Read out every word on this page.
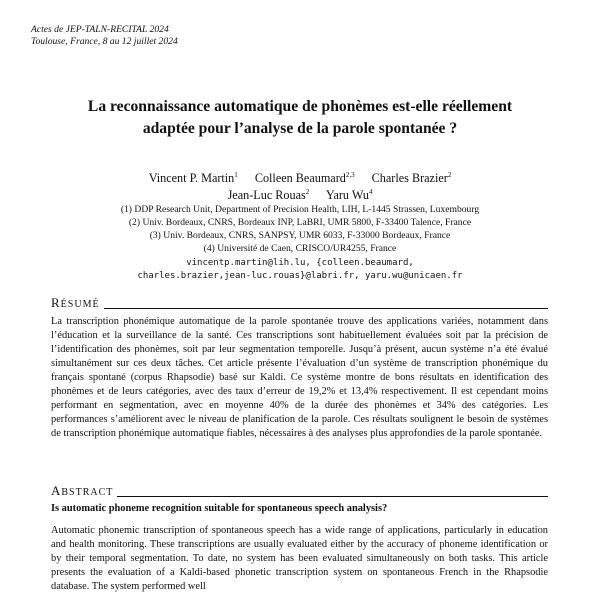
Actes de JEP-TALN-RECITAL 2024
Toulouse, France, 8 au 12 juillet 2024
La reconnaissance automatique de phonèmes est-elle réellement
adaptée pour l’analyse de la parole spontanée ?
Vincent P. Martin$^1$ Colleen Beaumard$^{2,3}$ Charles Brazier$^2$
Jean-Luc Rouas$^2$ Yaru Wu$^4$
(1) DDP Research Unit, Department of Precision Health, LIH, L-1445 Strassen, Luxembourg
(2) Univ. Bordeaux, CNRS, Bordeaux INP, LaBRI, UMR 5800, F-33400 Talence, France
(3) Univ. Bordeaux, CNRS, SANPSY, UMR 6033, F-33000 Bordeaux, France
(4) Université de Caen, CRISCO/UR4255, France
vincentp.martin@lih.lu, {colleen.beaumard,
charles.brazier,jean-luc.rouas}@labri.fr, yaru.wu@unicaen.fr
RÉSUMÉ

La transcription phonémique automatique de la parole spontanée trouve des applications variées, notamment dans l’éducation et la surveillance de la santé. Ces transcriptions sont habituellement évaluées soit par la précision de l’identification des phonèmes, soit par leur segmentation temporelle. Jusqu’à présent, aucun système n’a été évalué simultanément sur ces deux tâches. Cet article présente l’évaluation d’un système de transcription phonémique du français spontané (corpus Rhapsodie) basé sur Kaldi. Ce système montre de bons résultats en identification des phonèmes et de leurs catégories, avec des taux d’erreur de 19,2% et 13,4% respectivement. Il est cependant moins performant en segmentation, avec en moyenne 40% de la durée des phonèmes et 34% des catégories. Les performances s’améliorent avec le niveau de planification de la parole. Ces résultats soulignent le besoin de systèmes de transcription phonémique automatique fiables, nécessaires à des analyses plus approfondies de la parole spontanée.

ABSTRACT
Is automatic phoneme recognition suitable for spontaneous speech analysis?

Automatic phonemic transcription of spontaneous speech has a wide range of applications, particularly in education and health monitoring. These transcriptions are usually evaluated either by the accuracy of phoneme identification or by their temporal segmentation. To date, no system has been evaluated simultaneously on both tasks. This article presents the evaluation of a Kaldi-based phonetic transcription system on spontaneous French in the Rhapsodie database. The system performed well
